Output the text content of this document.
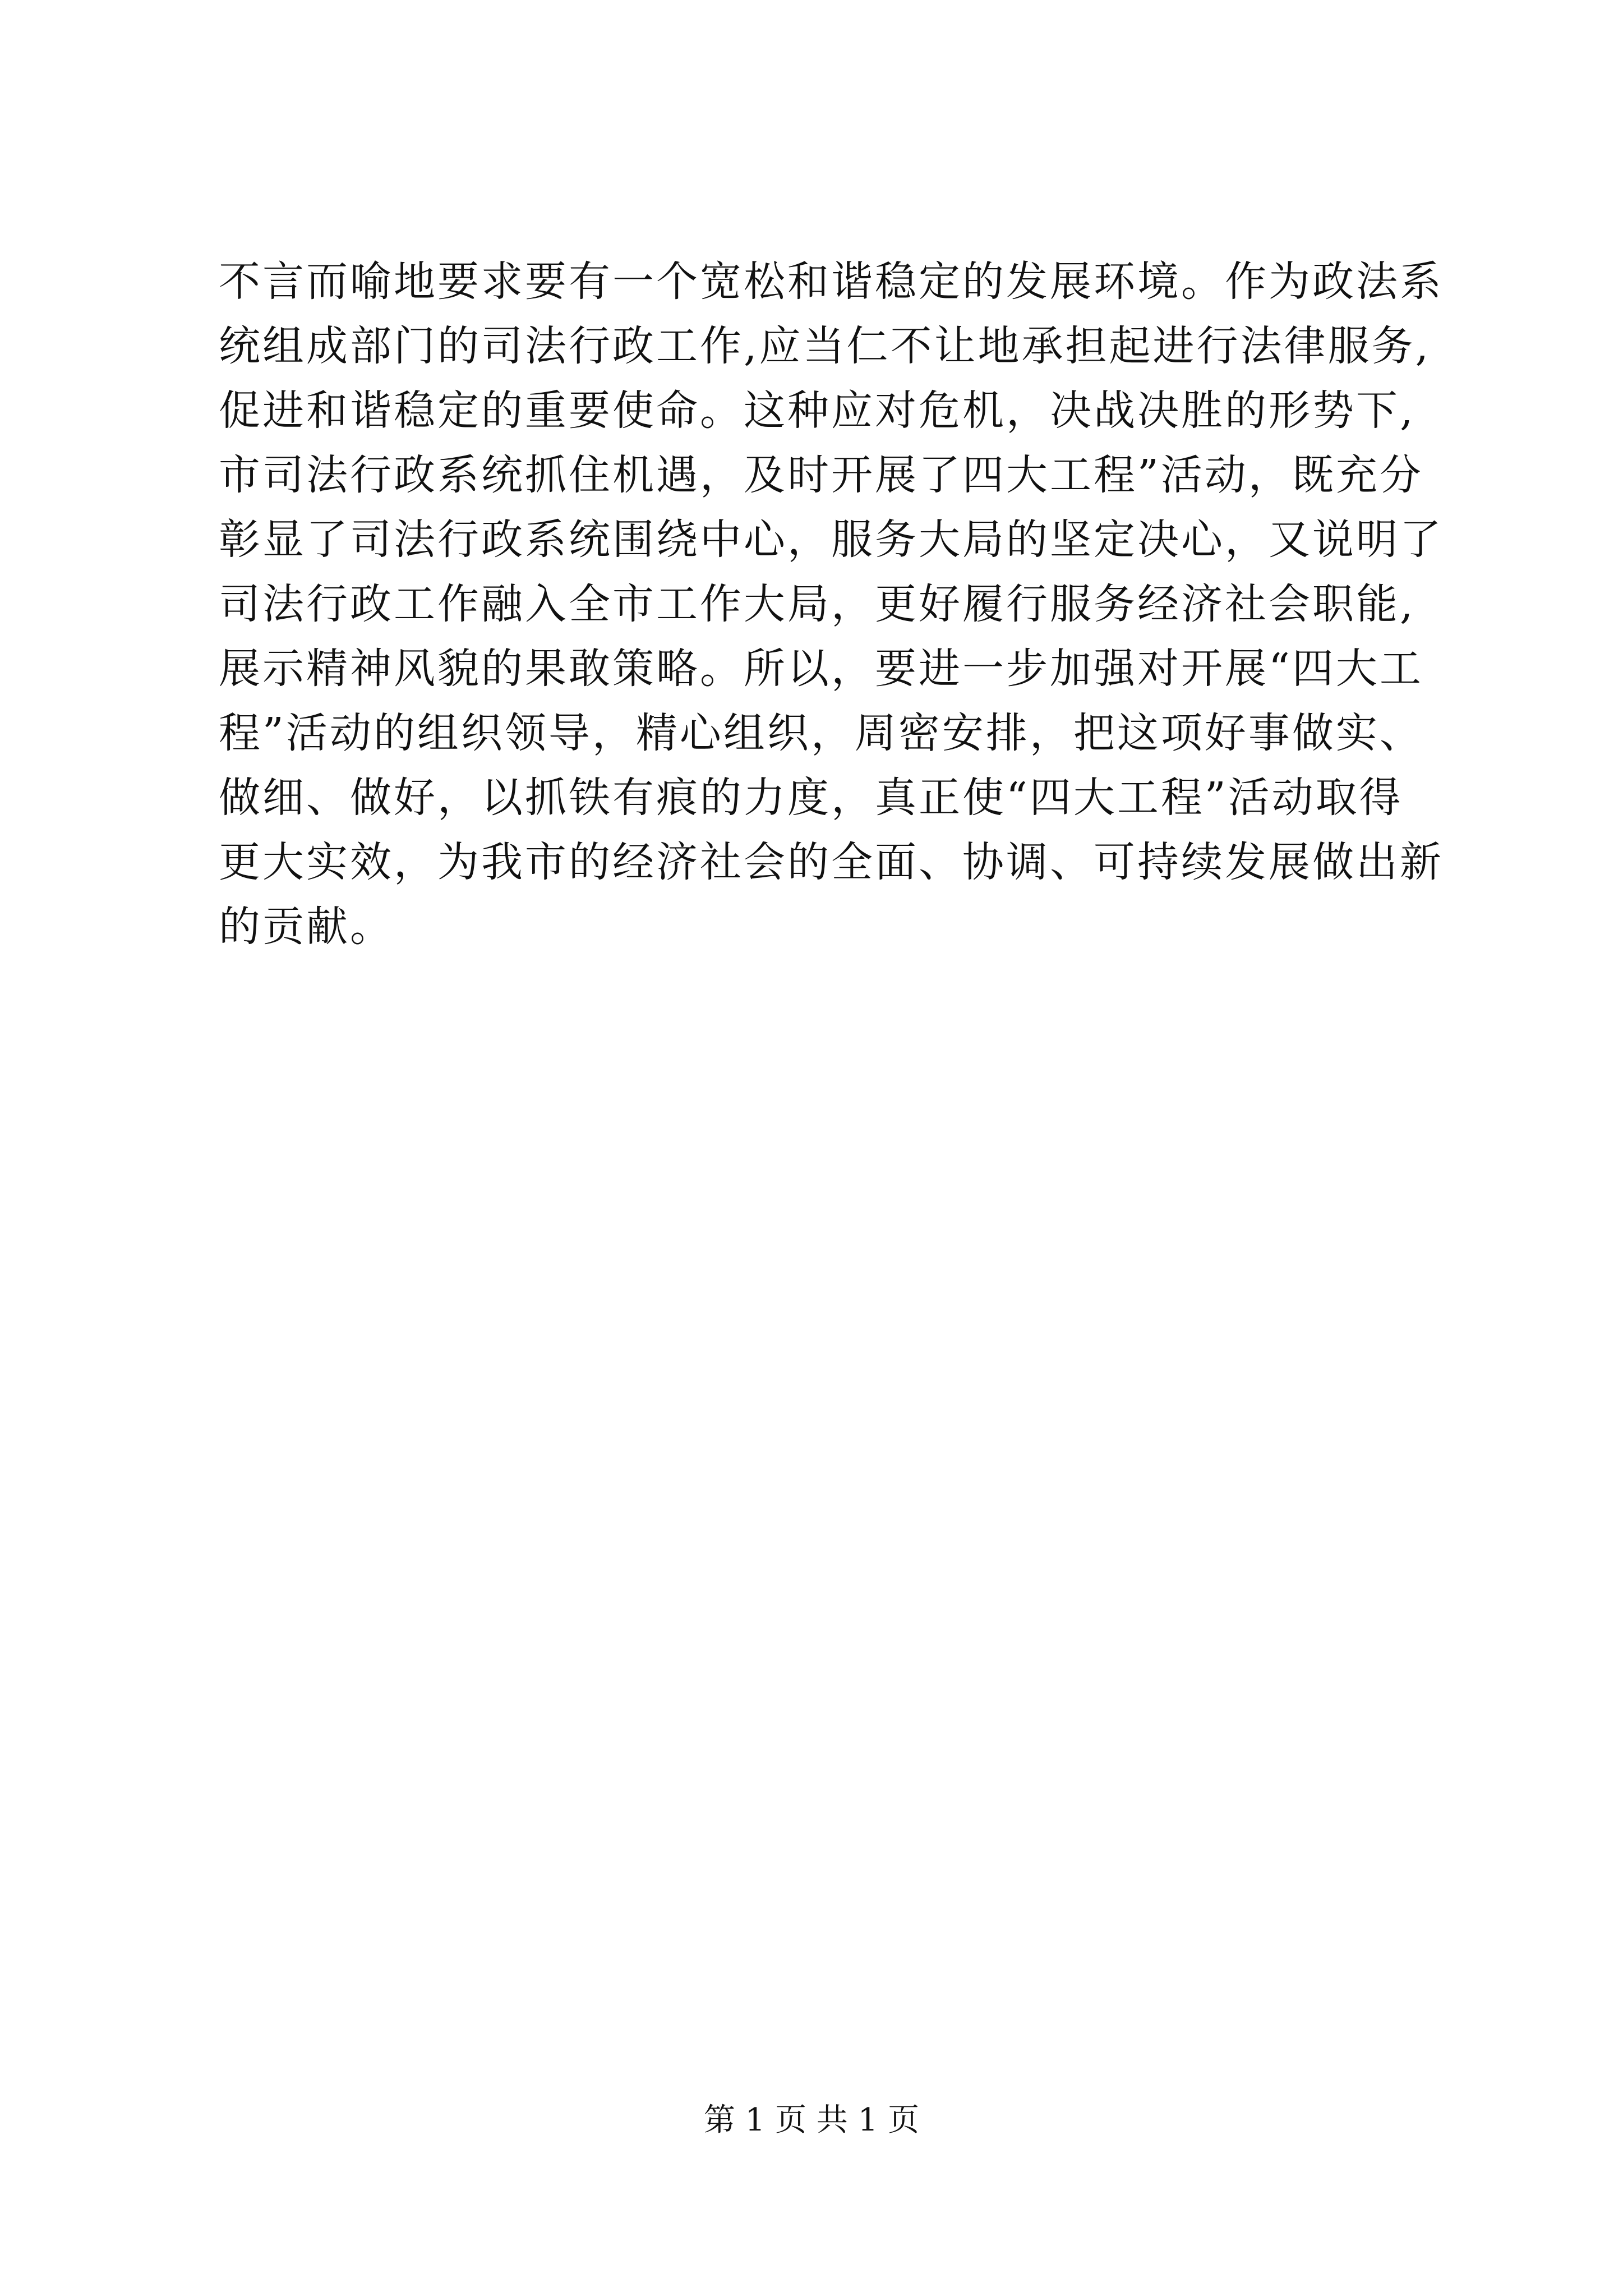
不言而喻地要求要有一个宽松和谐稳定的发展环境。作为政法系
统组成部门的司法行政工作,应当仁不让地承担起进行法律服务,
促进和谐稳定的重要使命。这种应对危机，决战决胜的形势下,
市司法行政系统抓住机遇，及时开展了四大工程”活动，既充分
彰显了司法行政系统围绕中心，服务大局的坚定决心，又说明了
司法行政工作融入全市工作大局，更好履行服务经济社会职能,
展示精神风貌的果敢策略。所以，要进一步加强对开展“四大工
程”活动的组织领导，精心组织，周密安排，把这项好事做实、
做细、做好，以抓铁有痕的力度，真正使“四大工程”活动取得
更大实效，为我市的经济社会的全面、协调、可持续发展做出新
的贡献。
第 1 页 共 1 页
